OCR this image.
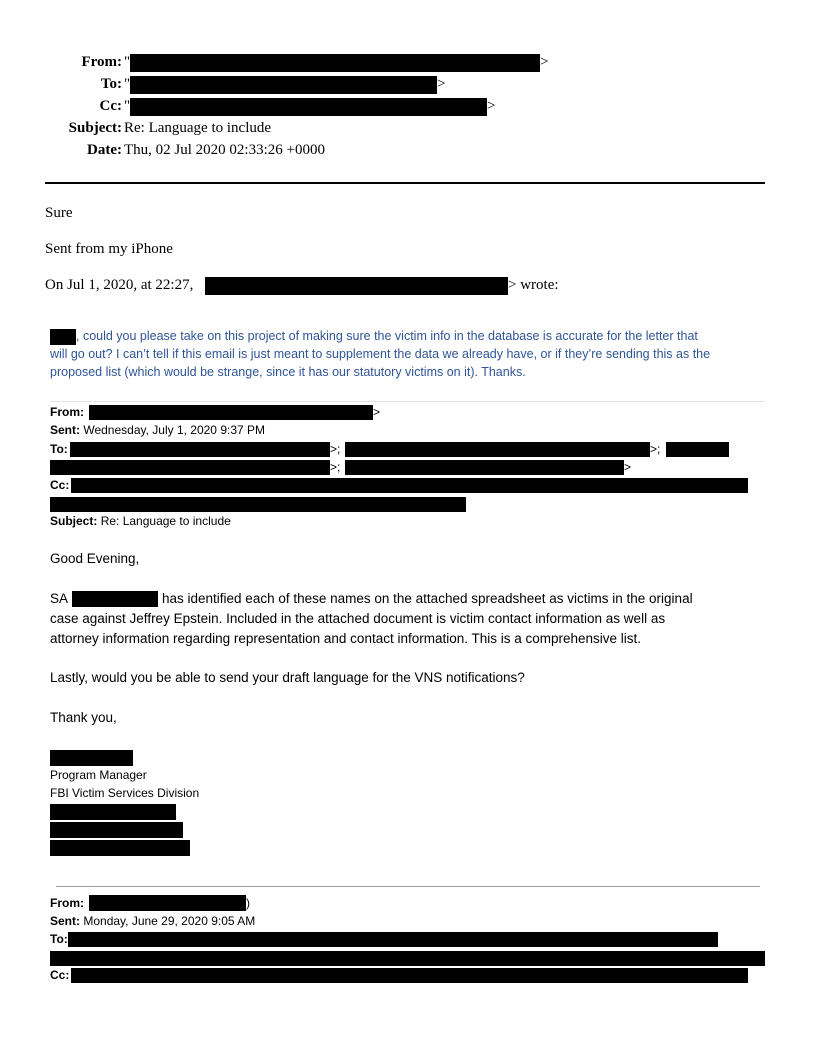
From: "	>
To: "	>
Cc: "	>
Subject: Re: Language to include
Date: Thu, 02 Jul 2020 02:33:26 +0000
Sure
Sent from my iPhone
On Jul 1, 2020, at 22:27,	> wrote:
, could you please take on this project of making sure the victim info in the database is accurate for the letter that
will go out? I can’t tell if this email is just meant to supplement the data we already have, or if they’re sending this as the
proposed list (which would be strange, since it has our statutory victims on it). Thanks.
From:	>
Sent: Wednesday, July 1, 2020 9:37 PM
To:	>;	>;
>;	>
Cc:
Subject: Re: Language to include
Good Evening,
SA	has identified each of these names on the attached spreadsheet as victims in the original
case against Jeffrey Epstein. Included in the attached document is victim contact information as well as
attorney information regarding representation and contact information. This is a comprehensive list.
Lastly, would you be able to send your draft language for the VNS notifications?
Thank you,
Program Manager
FBI Victim Services Division
From:	)
Sent: Monday, June 29, 2020 9:05 AM
To:
Cc:
